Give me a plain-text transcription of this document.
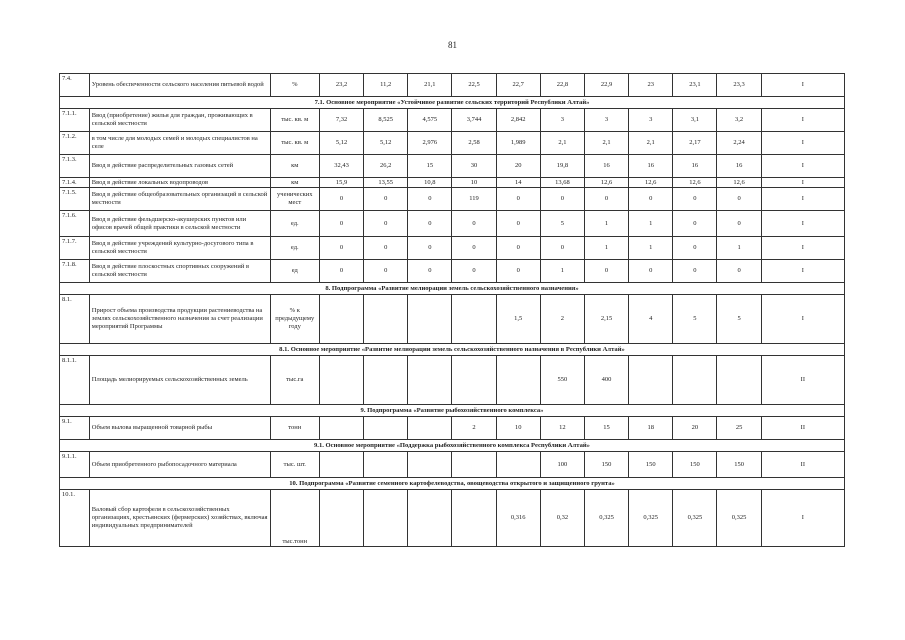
81
7.4.	Уровень обеспеченности сельского населения питьевой водой	%	23,2	11,2	21,1	22,5	22,7	22,8	22,9	23	23,1	23,3	I
7.1. Основное мероприятие «Устойчивое развитие сельских территорий Республики Алтай»													
7.1.1.	Ввод (приобретение) жилья для граждан, проживающих в сельской местности	тыс. кв. м	7,32	8,525	4,575	3,744	2,842	3	3	3	3,1	3,2	I
7.1.2.	в том числе для молодых семей и молодых специалистов на селе	тыс. кв. м	5,12	5,12	2,976	2,58	1,989	2,1	2,1	2,1	2,17	2,24	I
7.1.3.	Ввод в действие распределительных газовых сетей	км	32,43	26,2	15	30	20	19,8	16	16	16	16	I
7.1.4.	Ввод в действие локальных водопроводов	км	15,9	13,55	10,8	10	14	13,68	12,6	12,6	12,6	12,6	I
7.1.5.	Ввод в действие общеобразовательных организаций в сельской местности	ученических мест	0	0	0	119	0	0	0	0	0	0	I
7.1.6.	Ввод в действие фельдшерско-акушерских пунктов или офисов врачей общей практики в сельской местности	ед.	0	0	0	0	0	5	1	1	0	0	I
7.1.7.	Ввод в действие учреждений культурно-досугового типа в сельской местности	ед.	0	0	0	0	0	0	1	1	0	1	I
7.1.8.	Ввод в действие плоскостных спортивных сооружений в сельской местности	ед	0	0	0	0	0	1	0	0	0	0	I
8. Подпрограмма «Развитие мелиорации земель сельскохозяйственного назначения»													
8.1.	Прирост объема производства продукции растениеводства на землях сельскохозяйственного назначения за счет реализации мероприятий Программы	% к предыдущему году					1,5	2	2,15	4	5	5	I
8.1. Основное мероприятие «Развитие мелиорации земель сельскохозяйственного назначения в Республики Алтай»													
8.1.1.	Площадь мелиорируемых сельскохозяйственных земель	тыс.га						550	400				II
9. Подпрограмма «Развитие рыбохозяйственного комплекса»													
9.1.	Объем вылова выращенной товарной рыбы	тонн				2	10	12	15	18	20	25	II
9.1. Основное мероприятие «Поддержка рыбохозяйственного комплекса Республики Алтай»													
9.1.1.	Объем приобретенного рыбопосадочного материала	тыс. шт.						100	150	150	150	150	II
10. Подпрограмма «Развитие семенного картофелеводства, овощеводства открытого и защищенного грунта»													
10.1.	Валовый сбор картофеля в сельскохозяйственных организациях, крестьянских (фермерских) хозяйствах, включая индивидуальных предпринимателей	тыс.тонн					0,316	0,32	0,325	0,325	0,325	0,325	I
